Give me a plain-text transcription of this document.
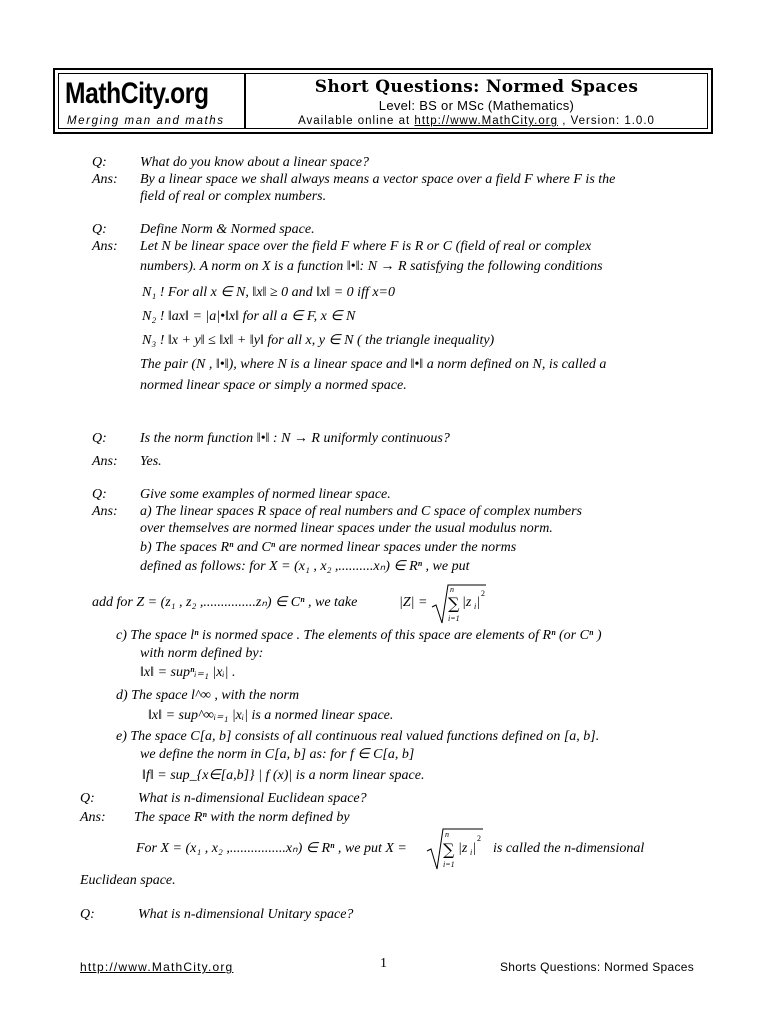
MathCity.org
Merging man and maths
Short Questions: Normed Spaces
Level: BS or MSc (Mathematics)
Available online at http://www.MathCity.org , Version: 1.0.0
Q: What do you know about a linear space?
Ans: By a linear space we shall always means a vector space over a field F where F is the
field of real or complex numbers.
Q: Define Norm & Normed space.
Ans: Let N be linear space over the field F where F is R or C (field of real or complex
numbers). A norm on X is a function ‖•‖: N → R satisfying the following conditions
N₁ ! For all x ∈ N, ‖x‖ ≥ 0 and ‖x‖ = 0 iff x=0
N₂ ! ‖ax‖ = |a|•‖x‖ for all a ∈ F, x ∈ N
N₃ ! ‖x + y‖ ≤ ‖x‖ + ‖y‖ for all x, y ∈ N ( the triangle inequality)
The pair (N , ‖•‖), where N is a linear space and ‖•‖ a norm defined on N, is called a
normed linear space or simply a normed space.
Q: Is the norm function ‖•‖ : N → R uniformly continuous?
Ans: Yes.
Q: Give some examples of normed linear space.
Ans: a) The linear spaces R space of real numbers and C space of complex numbers
over themselves are normed linear spaces under the usual modulus norm.
b) The spaces Rⁿ and Cⁿ are normed linear spaces under the norms
defined as follows: for X = (x₁ , x₂ ,..........xₙ) ∈ Rⁿ , we put
add for Z = (z₁ , z₂ ,...............zₙ) ∈ Cⁿ , we take	|Z| =
n
∑
i=1
|z i |
2
c) The space lⁿ is normed space . The elements of this space are elements of Rⁿ (or Cⁿ )
with norm defined by:
‖x‖ = supⁿᵢ₌₁ |xᵢ| .
d) The space l^∞ , with the norm
‖x‖ = sup^∞ᵢ₌₁ |xᵢ| is a normed linear space.
e) The space C[a, b] consists of all continuous real valued functions defined on [a, b].
we define the norm in C[a, b] as: for f ∈ C[a, b]
‖f‖ = sup_{x∈[a,b]} | f (x)| is a norm linear space.
Q:	What is n-dimensional Euclidean space?
Ans: The space Rⁿ with the norm defined by
For X = (x₁ , x₂ ,................xₙ) ∈ Rⁿ , we put X =
n
∑
i=1
|z i |
2
is called the n-dimensional
Euclidean space.
Q:	What is n-dimensional Unitary space?
http://www.MathCity.org	1	Shorts Questions: Normed Spaces
